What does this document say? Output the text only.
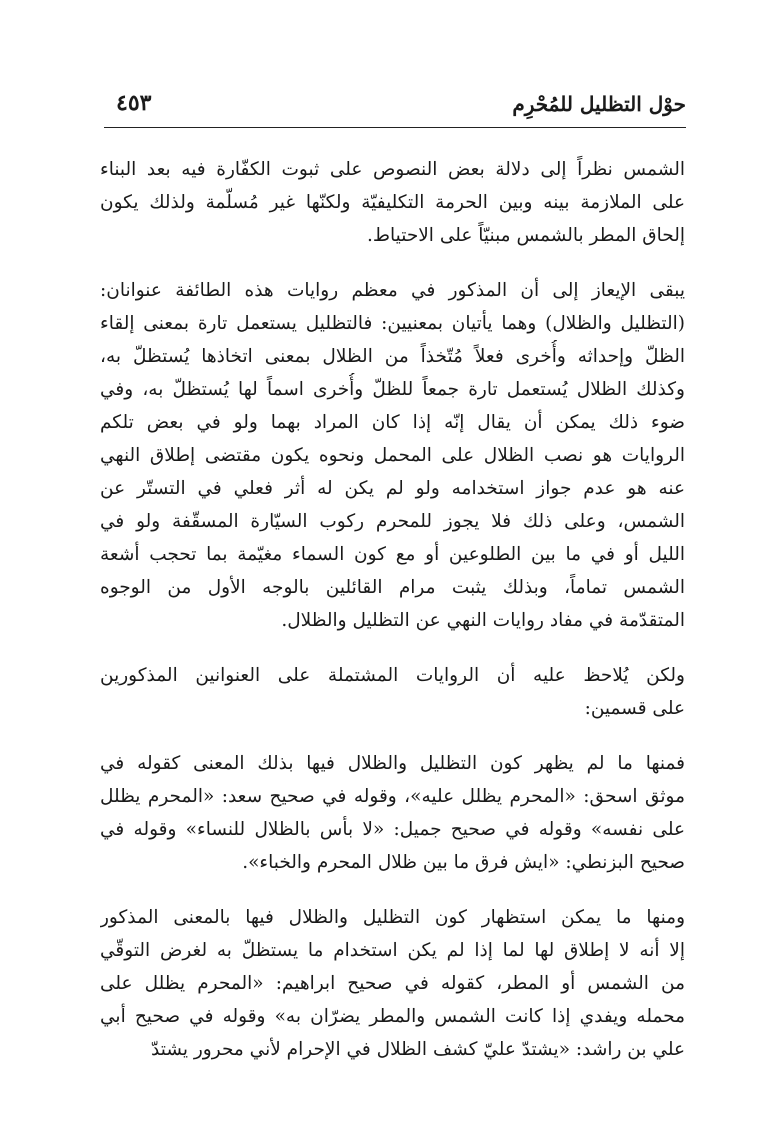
حوْل التظليل للمُحْرِم
٤٥٣
الشمس نظراً إلى دلالة بعض النصوص على ثبوت الكفّارة فيه بعد البناء
على الملازمة بينه وبين الحرمة التكليفيّة ولكنّها غير مُسلّمة ولذلك يكون
إلحاق المطر بالشمس مبنيّاً على الاحتياط.
يبقى الإيعاز إلى أن المذكور في معظم روايات هذه الطائفة عنوانان:
(التظليل والظلال) وهما يأتيان بمعنيين: فالتظليل يستعمل تارة بمعنى إلقاء
الظلّ وإحداثه وأُخرى فعلاً مُتّخذاً من الظلال بمعنى اتخاذها يُستظلّ به،
وكذلك الظلال يُستعمل تارة جمعاً للظلّ وأُخرى اسماً لها يُستظلّ به، وفي
ضوء ذلك يمكن أن يقال إنّه إذا كان المراد بهما ولو في بعض تلكم
الروايات هو نصب الظلال على المحمل ونحوه يكون مقتضى إطلاق النهي
عنه هو عدم جواز استخدامه ولو لم يكن له أثر فعلي في التستّر عن
الشمس، وعلى ذلك فلا يجوز للمحرم ركوب السيّارة المسقّفة ولو في
الليل أو في ما بين الطلوعين أو مع كون السماء مغيّمة بما تحجب أشعة
الشمس تماماً، وبذلك يثبت مرام القائلين بالوجه الأول من الوجوه
المتقدّمة في مفاد روايات النهي عن التظليل والظلال.
ولكن يُلاحظ عليه أن الروايات المشتملة على العنوانين المذكورين
على قسمين:
فمنها ما لم يظهر كون التظليل والظلال فيها بذلك المعنى كقوله في
موثق اسحق: «المحرم يظلل عليه»، وقوله في صحيح سعد: «المحرم يظلل
على نفسه» وقوله في صحيح جميل: «لا بأس بالظلال للنساء» وقوله في
صحيح البزنطي: «ايش فرق ما بين ظلال المحرم والخباء».
ومنها ما يمكن استظهار كون التظليل والظلال فيها بالمعنى المذكور
إلا أنه لا إطلاق لها لما إذا لم يكن استخدام ما يستظلّ به لغرض التوقّي
من الشمس أو المطر، كقوله في صحيح ابراهيم: «المحرم يظلل على
محمله ويفدي إذا كانت الشمس والمطر يضرّان به» وقوله في صحيح أبي
علي بن راشد: «يشتدّ عليّ كشف الظلال في الإحرام لأني محرور يشتدّ
